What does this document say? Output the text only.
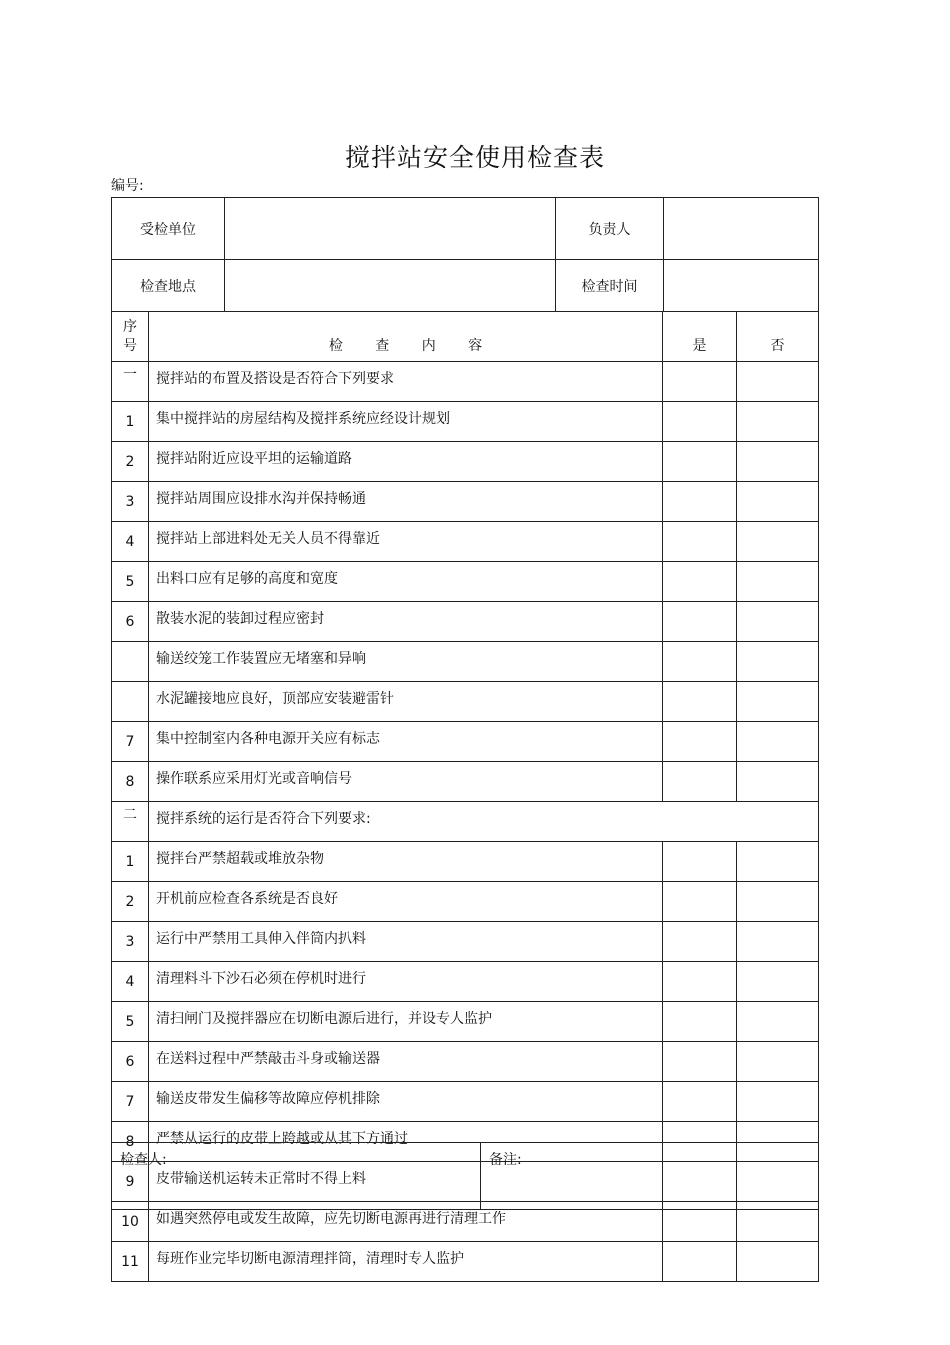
搅拌站安全使用检查表
编号:
受检单位		负责人	
检查地点		检查时间	
序
号	检 查 内 容	是	否
一	搅拌站的布置及搭设是否符合下列要求		
1	集中搅拌站的房屋结构及搅拌系统应经设计规划		
2	搅拌站附近应设平坦的运输道路		
3	搅拌站周围应设排水沟并保持畅通		
4	搅拌站上部进料处无关人员不得靠近		
5	出料口应有足够的高度和宽度		
6	散装水泥的装卸过程应密封		
	输送绞笼工作装置应无堵塞和异响		
	水泥罐接地应良好，顶部应安装避雷针		
7	集中控制室内各种电源开关应有标志		
8	操作联系应采用灯光或音响信号		
二	搅拌系统的运行是否符合下列要求:		
1	搅拌台严禁超载或堆放杂物		
2	开机前应检查各系统是否良好		
3	运行中严禁用工具伸入伴筒内扒料		
4	清理料斗下沙石必须在停机时进行		
5	清扫闸门及搅拌器应在切断电源后进行，并设专人监护		
6	在送料过程中严禁敲击斗身或输送器		
7	输送皮带发生偏移等故障应停机排除		
8	严禁从运行的皮带上跨越或从其下方通过		
9	皮带输送机运转未正常时不得上料		
10	如遇突然停电或发生故障，应先切断电源再进行清理工作		
11	每班作业完毕切断电源清理拌筒，清理时专人监护		
检查人:	备注:
